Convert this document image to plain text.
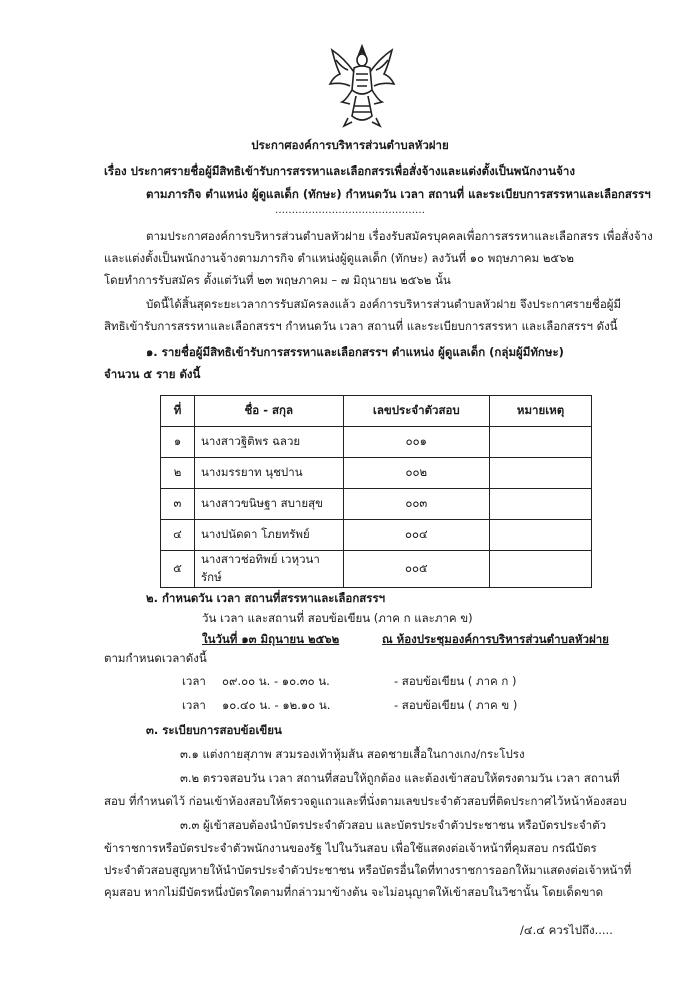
ประกาศองค์การบริหารส่วนตำบลหัวฝาย
เรื่อง ประกาศรายชื่อผู้มีสิทธิเข้ารับการสรรหาและเลือกสรรเพื่อสั่งจ้างและแต่งตั้งเป็นพนักงานจ้าง
ตามภารกิจ ตำแหน่ง ผู้ดูแลเด็ก (ทักษะ) กำหนดวัน เวลา สถานที่ และระเบียบการสรรหาและเลือกสรรฯ
………………………………………
ตามประกาศองค์การบริหารส่วนตำบลหัวฝาย เรื่องรับสมัครบุคคลเพื่อการสรรหาและเลือกสรร เพื่อสั่งจ้าง
และแต่งตั้งเป็นพนักงานจ้างตามภารกิจ ตำแหน่งผู้ดูแลเด็ก (ทักษะ) ลงวันที่ ๑๐ พฤษภาคม ๒๕๖๒
โดยทำการรับสมัคร ตั้งแต่วันที่ ๒๓ พฤษภาคม – ๗ มิถุนายน ๒๕๖๒ นั้น
บัดนี้ได้สิ้นสุดระยะเวลาการรับสมัครลงแล้ว องค์การบริหารส่วนตำบลหัวฝาย จึงประกาศรายชื่อผู้มี
สิทธิเข้ารับการสรรหาและเลือกสรรฯ กำหนดวัน เวลา สถานที่ และระเบียบการสรรหา และเลือกสรรฯ ดังนี้
๑. รายชื่อผู้มีสิทธิเข้ารับการสรรหาและเลือกสรรฯ ตำแหน่ง ผู้ดูแลเด็ก (กลุ่มผู้มีทักษะ)
จำนวน ๕ ราย ดังนี้
ที่	ชื่อ - สกุล	เลขประจำตัวสอบ	หมายเหตุ
๑	นางสาวฐิติพร ฉลวย	๐๐๑	
๒	นางมรรยาท นุชปาน	๐๐๒	
๓	นางสาวขนิษฐา สบายสุข	๐๐๓	
๔	นางปนัดดา โภยทรัพย์	๐๐๔	
๕	นางสาวช่อทิพย์ เวหุวนารักษ์	๐๐๕	
๒. กำหนดวัน เวลา สถานที่สรรหาและเลือกสรรฯ
วัน เวลา และสถานที่ สอบข้อเขียน (ภาค ก และภาค ข)
ในวันที่ ๑๓ มิถุนายน ๒๕๖๒	ณ ห้องประชุมองค์การบริหารส่วนตำบลหัวฝาย
ตามกำหนดเวลาดังนี้
เวลา ๐๙.๐๐ น. - ๑๐.๓๐ น.	- สอบข้อเขียน ( ภาค ก )
เวลา ๑๐.๔๐ น. - ๑๒.๑๐ น.	- สอบข้อเขียน ( ภาค ข )
๓. ระเบียบการสอบข้อเขียน
๓.๑ แต่งกายสุภาพ สวมรองเท้าหุ้มส้น สอดชายเสื้อในกางเกง/กระโปรง
๓.๒ ตรวจสอบวัน เวลา สถานที่สอบให้ถูกต้อง และต้องเข้าสอบให้ตรงตามวัน เวลา สถานที่
สอบ ที่กำหนดไว้ ก่อนเข้าห้องสอบให้ตรวจดูแถวและที่นั่งตามเลขประจำตัวสอบที่ติดประกาศไว้หน้าห้องสอบ
๓.๓ ผู้เข้าสอบต้องนำบัตรประจำตัวสอบ และบัตรประจำตัวประชาชน หรือบัตรประจำตัว
ข้าราชการหรือบัตรประจำตัวพนักงานของรัฐ ไปในวันสอบ เพื่อใช้แสดงต่อเจ้าหน้าที่คุมสอบ กรณีบัตร
ประจำตัวสอบสูญหายให้นำบัตรประจำตัวประชาชน หรือบัตรอื่นใดที่ทางราชการออกให้มาแสดงต่อเจ้าหน้าที่
คุมสอบ หากไม่มีบัตรหนึ่งบัตรใดตามที่กล่าวมาข้างต้น จะไม่อนุญาตให้เข้าสอบในวิชานั้น โดยเด็ดขาด
/๔.๔ ควรไปถึง.....
